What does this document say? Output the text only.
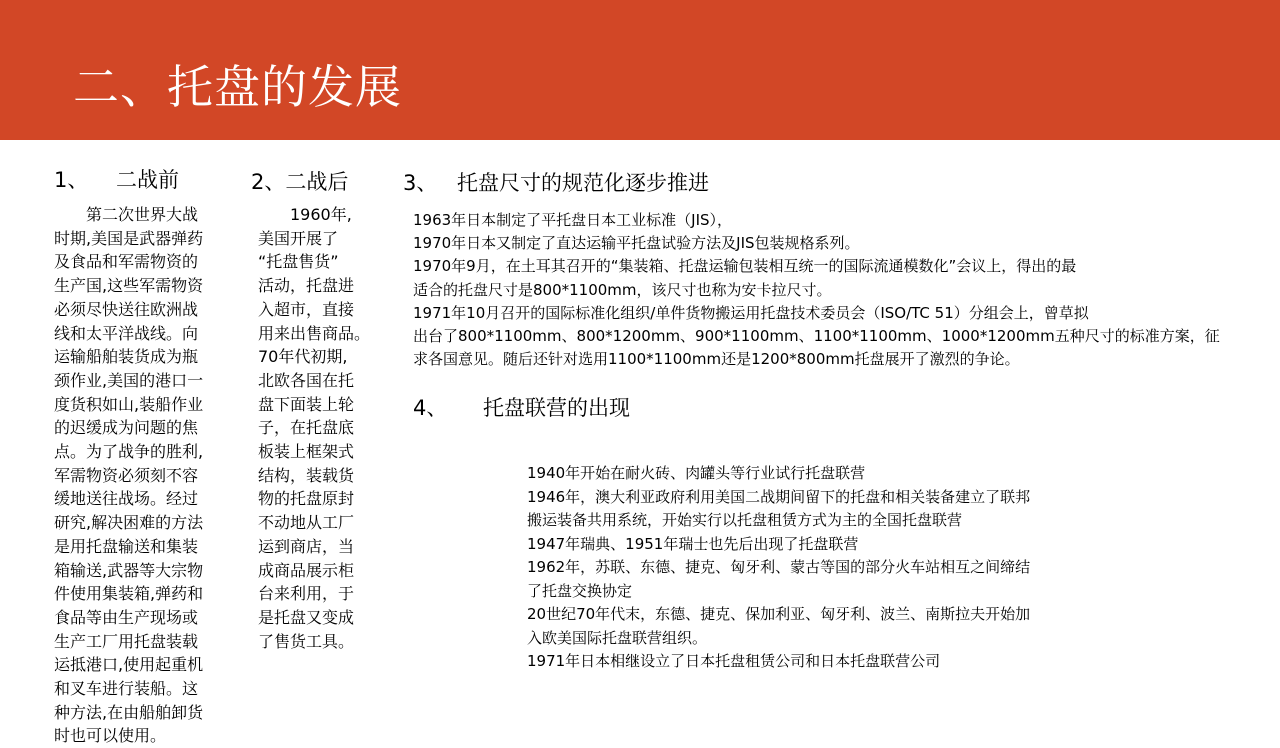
二、托盘的发展
1、 二战前
　　第二次世界大战
时期,美国是武器弹药
及食品和军需物资的
生产国,这些军需物资
必须尽快送往欧洲战
线和太平洋战线。向
运输船舶装货成为瓶
颈作业,美国的港口一
度货积如山,装船作业
的迟缓成为问题的焦
点。为了战争的胜利,
军需物资必须刻不容
缓地送往战场。经过
研究,解决困难的方法
是用托盘输送和集装
箱输送,武器等大宗物
件使用集装箱,弹药和
食品等由生产现场或
生产工厂用托盘装载
运抵港口,使用起重机
和叉车进行装船。这
种方法,在由船舶卸货
时也可以使用。
2、二战后
　　1960年,
美国开展了
“托盘售货”
活动，托盘进
入超市，直接
用来出售商品。
70年代初期,
北欧各国在托
盘下面装上轮
子，在托盘底
板装上框架式
结构，装载货
物的托盘原封
不动地从工厂
运到商店，当
成商品展示柜
台来利用，于
是托盘又变成
了售货工具。
3、 托盘尺寸的规范化逐步推进
1963年日本制定了平托盘日本工业标准（JIS），
1970年日本又制定了直达运输平托盘试验方法及JIS包装规格系列。
1970年9月，在土耳其召开的“集装箱、托盘运输包装相互统一的国际流通模数化”会议上，得出的最
适合的托盘尺寸是800*1100mm，该尺寸也称为安卡拉尺寸。
1971年10月召开的国际标准化组织/单件货物搬运用托盘技术委员会（ISO/TC 51）分组会上，曾草拟
出台了800*1100mm、800*1200mm、900*1100mm、1100*1100mm、1000*1200mm五种尺寸的标准方案，征
求各国意见。随后还针对选用1100*1100mm还是1200*800mm托盘展开了激烈的争论。
4、 托盘联营的出现
1940年开始在耐火砖、肉罐头等行业试行托盘联营
1946年，澳大利亚政府利用美国二战期间留下的托盘和相关装备建立了联邦
搬运装备共用系统，开始实行以托盘租赁方式为主的全国托盘联营
1947年瑞典、1951年瑞士也先后出现了托盘联营
1962年，苏联、东德、捷克、匈牙利、蒙古等国的部分火车站相互之间缔结
了托盘交换协定
20世纪70年代末，东德、捷克、保加利亚、匈牙利、波兰、南斯拉夫开始加
入欧美国际托盘联营组织。
1971年日本相继设立了日本托盘租赁公司和日本托盘联营公司
